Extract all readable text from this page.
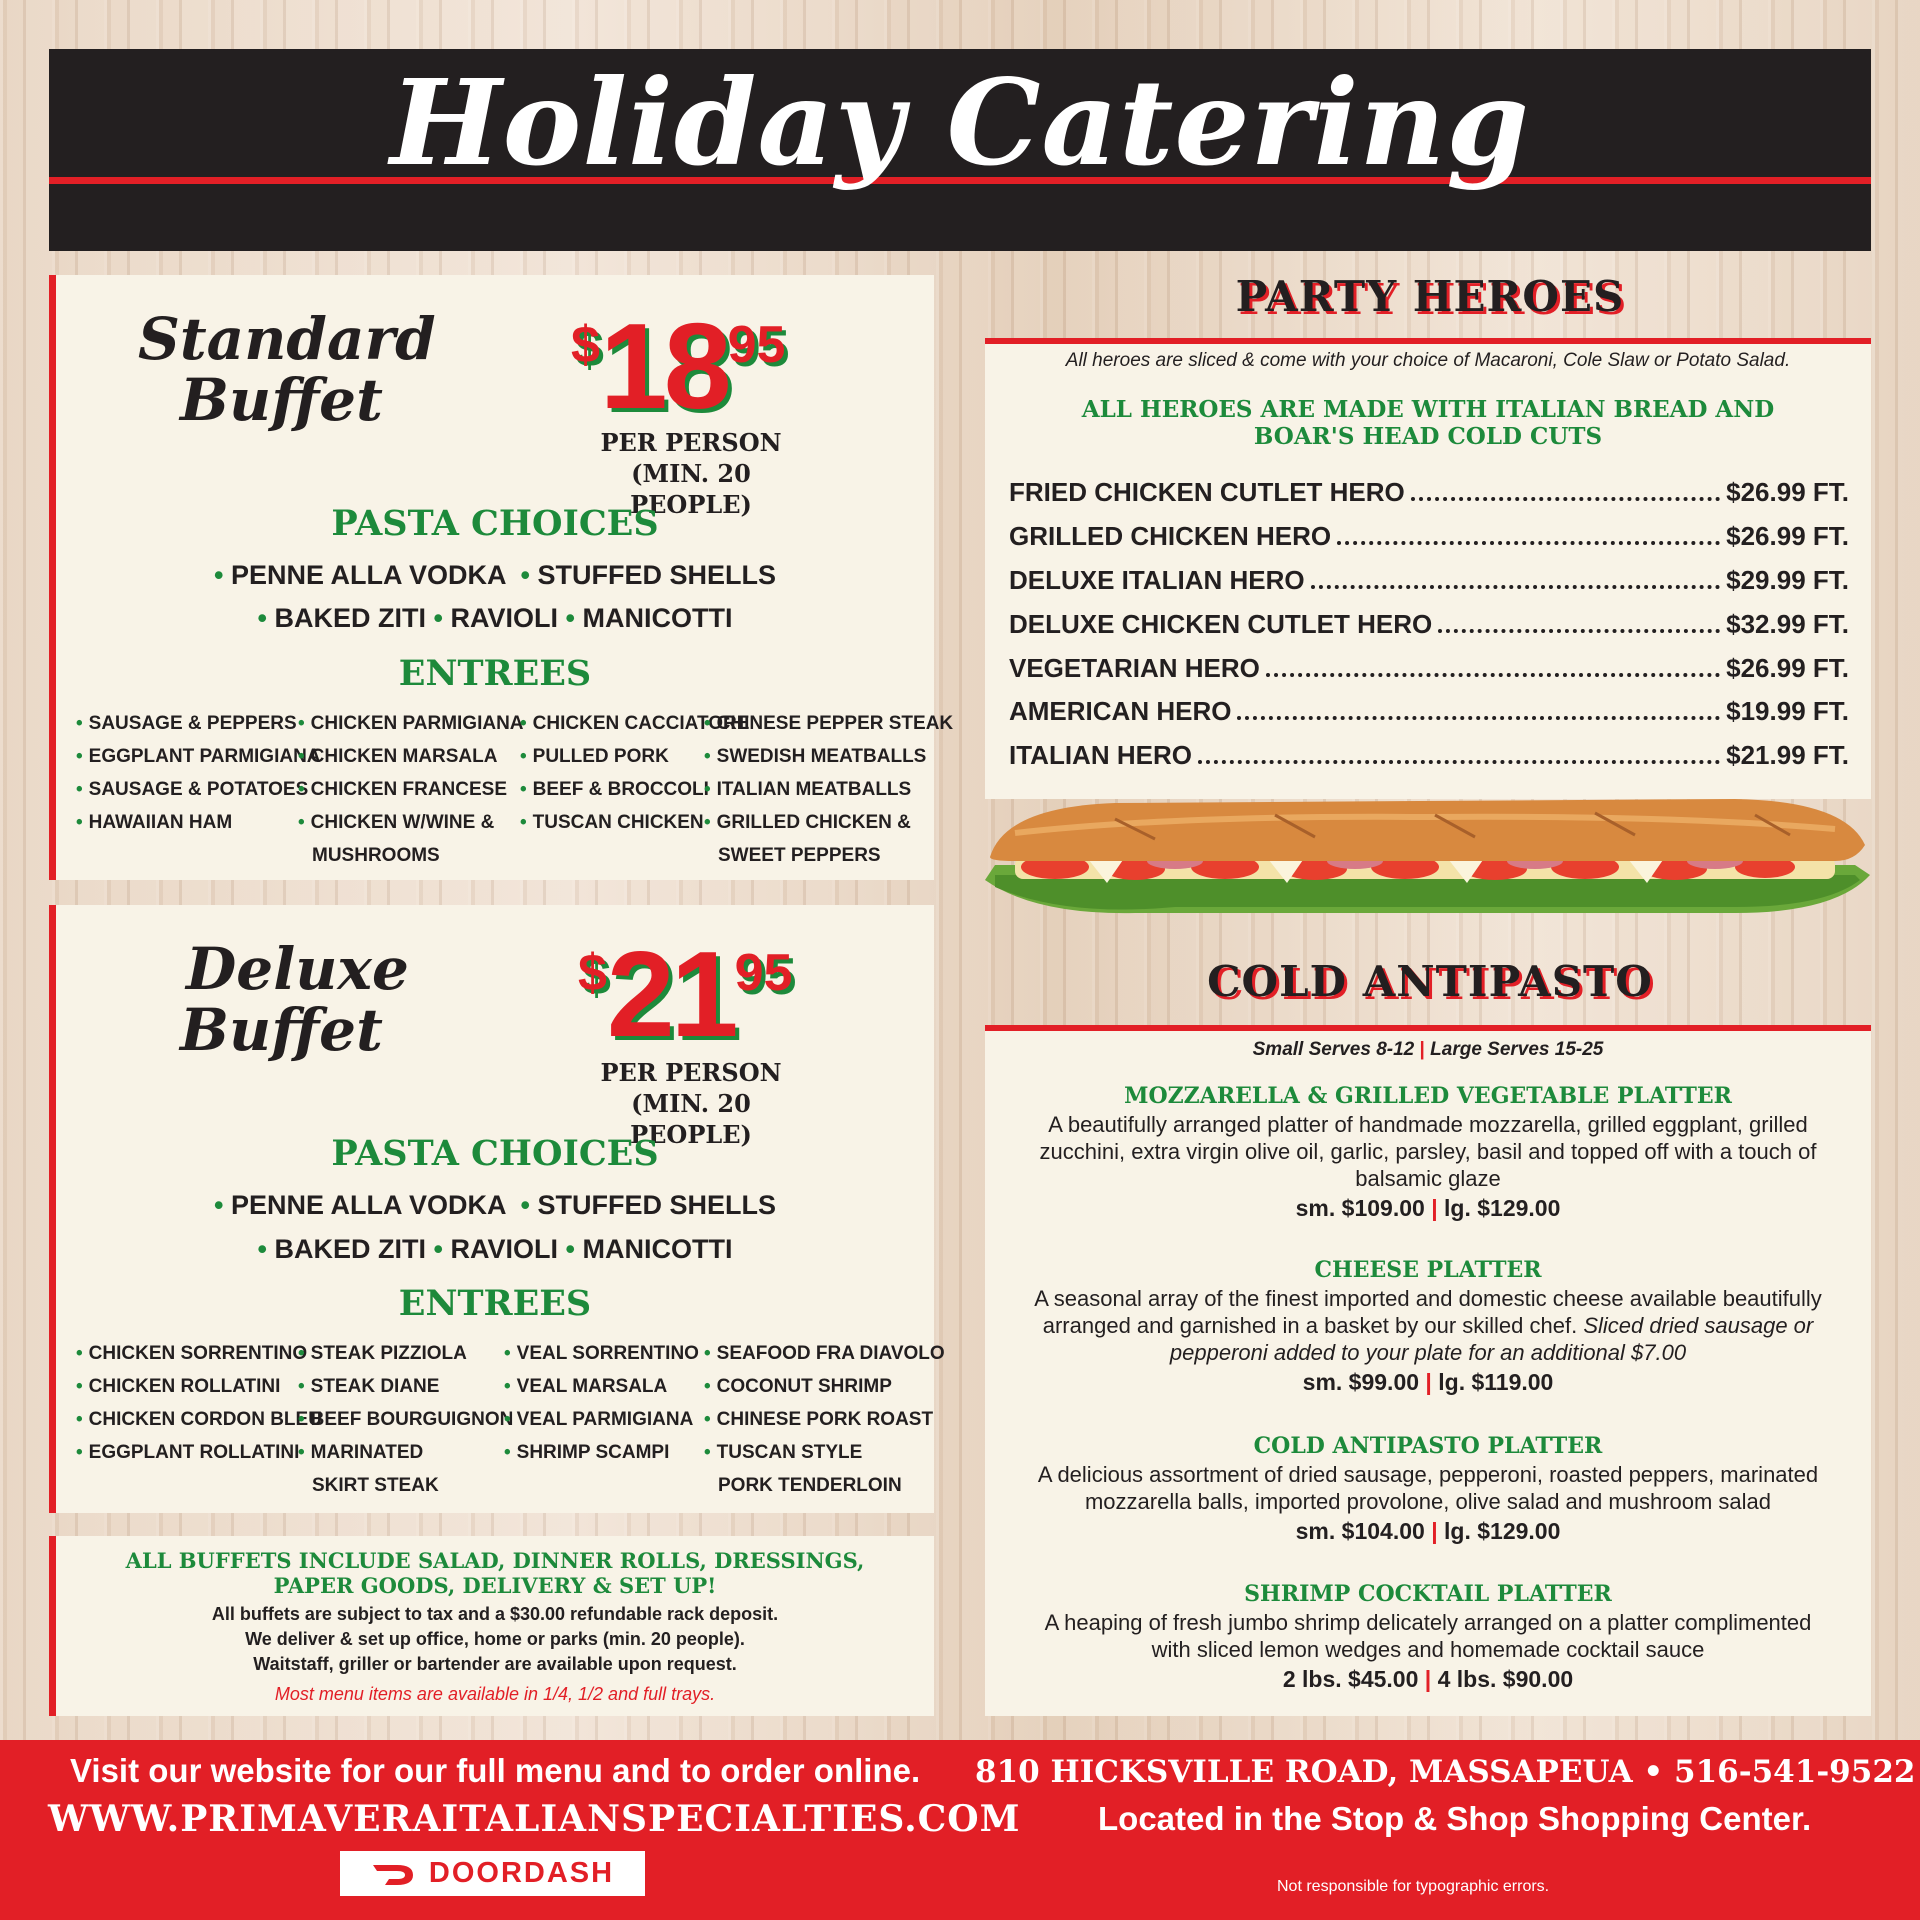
Holiday Catering
Standard
Buffet
$1895
PER PERSON
(MIN. 20 PEOPLE)
PASTA CHOICES
• PENNE ALLA VODKA • STUFFED SHELLS
• BAKED ZITI • RAVIOLI • MANICOTTI
ENTREES
• SAUSAGE & PEPPERS
• EGGPLANT PARMIGIANA
• SAUSAGE & POTATOES
• HAWAIIAN HAM
• CHICKEN PARMIGIANA
• CHICKEN MARSALA
• CHICKEN FRANCESE
• CHICKEN W/WINE &
MUSHROOMS
• CHICKEN CACCIATORE
• PULLED PORK
• BEEF & BROCCOLI
• TUSCAN CHICKEN
• CHINESE PEPPER STEAK
• SWEDISH MEATBALLS
• ITALIAN MEATBALLS
• GRILLED CHICKEN &
SWEET PEPPERS
Deluxe
Buffet
$2195
PER PERSON
(MIN. 20 PEOPLE)
PASTA CHOICES
• PENNE ALLA VODKA • STUFFED SHELLS
• BAKED ZITI • RAVIOLI • MANICOTTI
ENTREES
• CHICKEN SORRENTINO
• CHICKEN ROLLATINI
• CHICKEN CORDON BLEU
• EGGPLANT ROLLATINI
• STEAK PIZZIOLA
• STEAK DIANE
• BEEF BOURGUIGNON
• MARINATED
SKIRT STEAK
• VEAL SORRENTINO
• VEAL MARSALA
• VEAL PARMIGIANA
• SHRIMP SCAMPI
• SEAFOOD FRA DIAVOLO
• COCONUT SHRIMP
• CHINESE PORK ROAST
• TUSCAN STYLE
PORK TENDERLOIN
ALL BUFFETS INCLUDE SALAD, DINNER ROLLS, DRESSINGS,
PAPER GOODS, DELIVERY & SET UP!
All buffets are subject to tax and a $30.00 refundable rack deposit.
We deliver & set up office, home or parks (min. 20 people).
Waitstaff, griller or bartender are available upon request.
Most menu items are available in 1/4, 1/2 and full trays.
PARTY HEROES
All heroes are sliced & come with your choice of Macaroni, Cole Slaw or Potato Salad.
ALL HEROES ARE MADE WITH ITALIAN BREAD AND
BOAR'S HEAD COLD CUTS
FRIED CHICKEN CUTLET HERO	$26.99 FT.
GRILLED CHICKEN HERO	$26.99 FT.
DELUXE ITALIAN HERO	$29.99 FT.
DELUXE CHICKEN CUTLET HERO	$32.99 FT.
VEGETARIAN HERO	$26.99 FT.
AMERICAN HERO	$19.99 FT.
ITALIAN HERO	$21.99 FT.
COLD ANTIPASTO
Small Serves 8-12 | Large Serves 15-25
MOZZARELLA & GRILLED VEGETABLE PLATTER
A beautifully arranged platter of handmade mozzarella, grilled eggplant, grilled zucchini, extra virgin olive oil, garlic, parsley, basil and topped off with a touch of balsamic glaze
sm. $109.00 | lg. $129.00
CHEESE PLATTER
A seasonal array of the finest imported and domestic cheese available beautifully arranged and garnished in a basket by our skilled chef. Sliced dried sausage or pepperoni added to your plate for an additional $7.00
sm. $99.00 | lg. $119.00
COLD ANTIPASTO PLATTER
A delicious assortment of dried sausage, pepperoni, roasted peppers, marinated mozzarella balls, imported provolone, olive salad and mushroom salad
sm. $104.00 | lg. $129.00
SHRIMP COCKTAIL PLATTER
A heaping of fresh jumbo shrimp delicately arranged on a platter complimented with sliced lemon wedges and homemade cocktail sauce
2 lbs. $45.00 | 4 lbs. $90.00
Visit our website for our full menu and to order online.
WWW.PRIMAVERAITALIANSPECIALTIES.COM
DOORDASH
810 HICKSVILLE ROAD, MASSAPEUA • 516-541-9522
Located in the Stop & Shop Shopping Center.
Not responsible for typographic errors.
